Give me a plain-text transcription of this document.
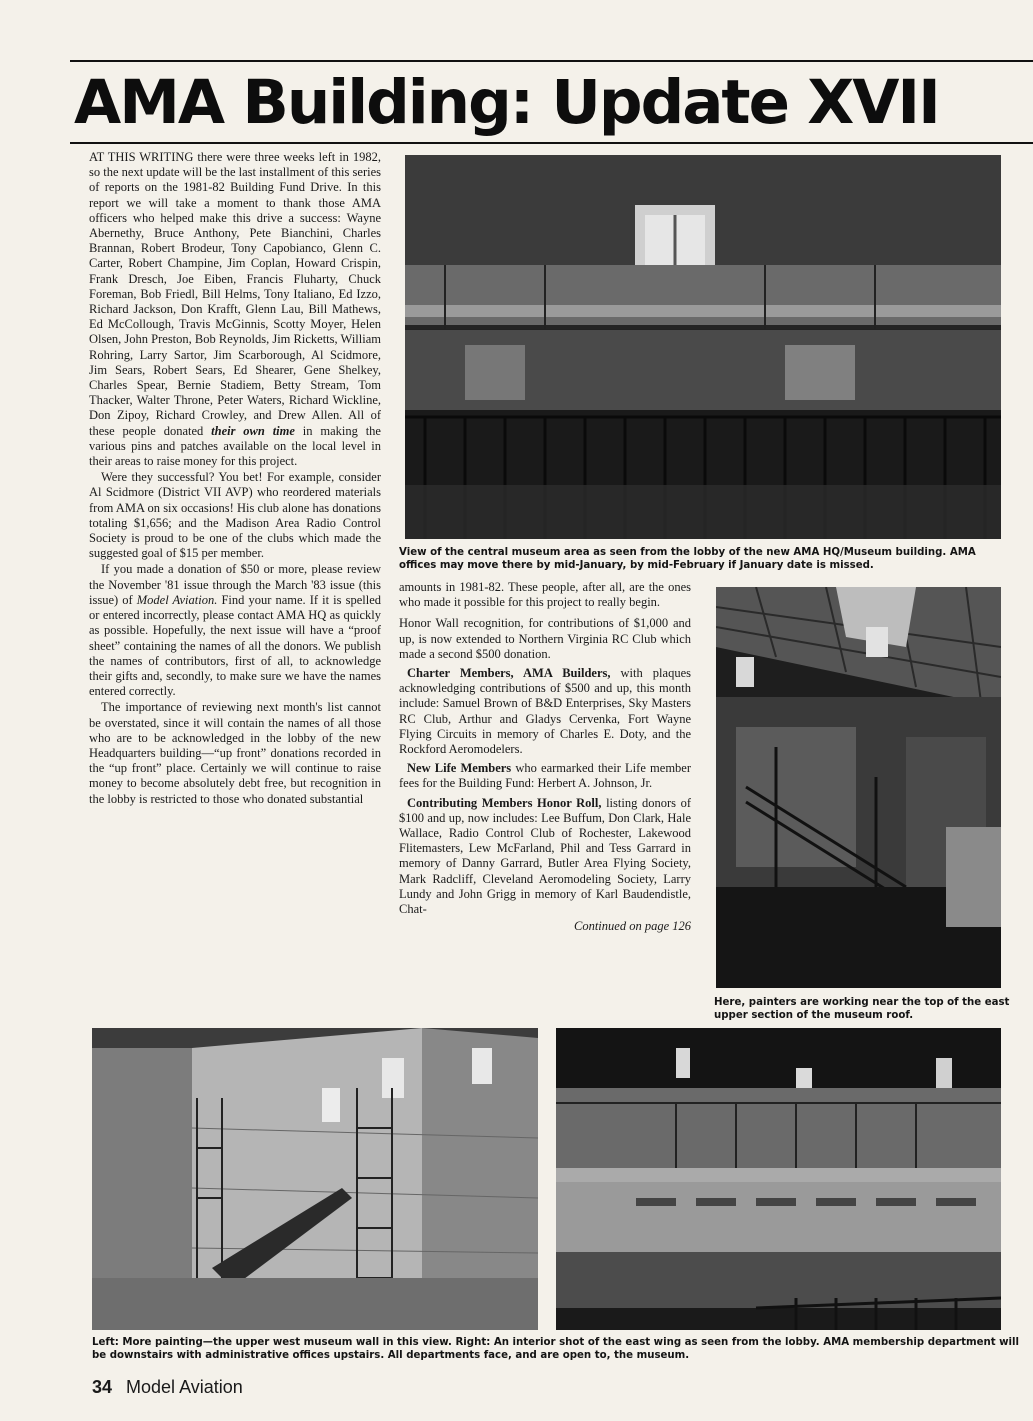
AMA Building: Update XVII

AT THIS WRITING there were three weeks left in 1982, so the next update will be the last installment of this series of reports on the 1981-82 Building Fund Drive. In this report we will take a moment to thank those AMA officers who helped make this drive a success: Wayne Abernethy, Bruce Anthony, Pete Bianchini, Charles Brannan, Robert Brodeur, Tony Capobianco, Glenn C. Carter, Robert Champine, Jim Coplan, Howard Crispin, Frank Dresch, Joe Eiben, Francis Fluharty, Chuck Foreman, Bob Friedl, Bill Helms, Tony Italiano, Ed Izzo, Richard Jackson, Don Krafft, Glenn Lau, Bill Mathews, Ed McCollough, Travis McGinnis, Scotty Moyer, Helen Olsen, John Preston, Bob Reynolds, Jim Ricketts, William Rohring, Larry Sartor, Jim Scarborough, Al Scidmore, Jim Sears, Robert Sears, Ed Shearer, Gene Shelkey, Charles Spear, Bernie Stadiem, Betty Stream, Tom Thacker, Walter Throne, Peter Waters, Richard Wickline, Don Zipoy, Richard Crowley, and Drew Allen. All of these people donated their own time in making the various pins and patches available on the local level in their areas to raise money for this project.

Were they successful? You bet! For example, consider Al Scidmore (District VII AVP) who reordered materials from AMA on six occasions! His club alone has donations totaling $1,656; and the Madison Area Radio Control Society is proud to be one of the clubs which made the suggested goal of $15 per member.

If you made a donation of $50 or more, please review the November '81 issue through the March '83 issue (this issue) of Model Aviation. Find your name. If it is spelled or entered incorrectly, please contact AMA HQ as quickly as possible. Hopefully, the next issue will have a “proof sheet” containing the names of all the donors. We publish the names of contributors, first of all, to acknowledge their gifts and, secondly, to make sure we have the names entered correctly.

The importance of reviewing next month's list cannot be overstated, since it will contain the names of all those who are to be acknowledged in the lobby of the new Headquarters building—“up front” donations recorded in the “up front” place. Certainly we will continue to raise money to become absolutely debt free, but recognition in the lobby is restricted to those who donated substantial

View of the central museum area as seen from the lobby of the new AMA HQ/Museum building. AMA offices may move there by mid-January, by mid-February if January date is missed.

amounts in 1981-82. These people, after all, are the ones who made it possible for this project to really begin.

Honor Wall recognition, for contributions of $1,000 and up, is now extended to Northern Virginia RC Club which made a second $500 donation.

Charter Members, AMA Builders, with plaques acknowledging contributions of $500 and up, this month include: Samuel Brown of B&D Enterprises, Sky Masters RC Club, Arthur and Gladys Cervenka, Fort Wayne Flying Circuits in memory of Charles E. Doty, and the Rockford Aeromodelers.

New Life Members who earmarked their Life member fees for the Building Fund: Herbert A. Johnson, Jr.

Contributing Members Honor Roll, listing donors of $100 and up, now includes: Lee Buffum, Don Clark, Hale Wallace, Radio Control Club of Rochester, Lakewood Flitemasters, Lew McFarland, Phil and Tess Garrard in memory of Danny Garrard, Butler Area Flying Society, Mark Radcliff, Cleveland Aeromodeling Society, Larry Lundy and John Grigg in memory of Karl Baudendistle, Chat-

Continued on page 126
Here, painters are working near the top of the east upper section of the museum roof.
Left: More painting—the upper west museum wall in this view. Right: An interior shot of the east wing as seen from the lobby. AMA membership department will be downstairs with administrative offices upstairs. All departments face, and are open to, the museum.
34 Model Aviation
